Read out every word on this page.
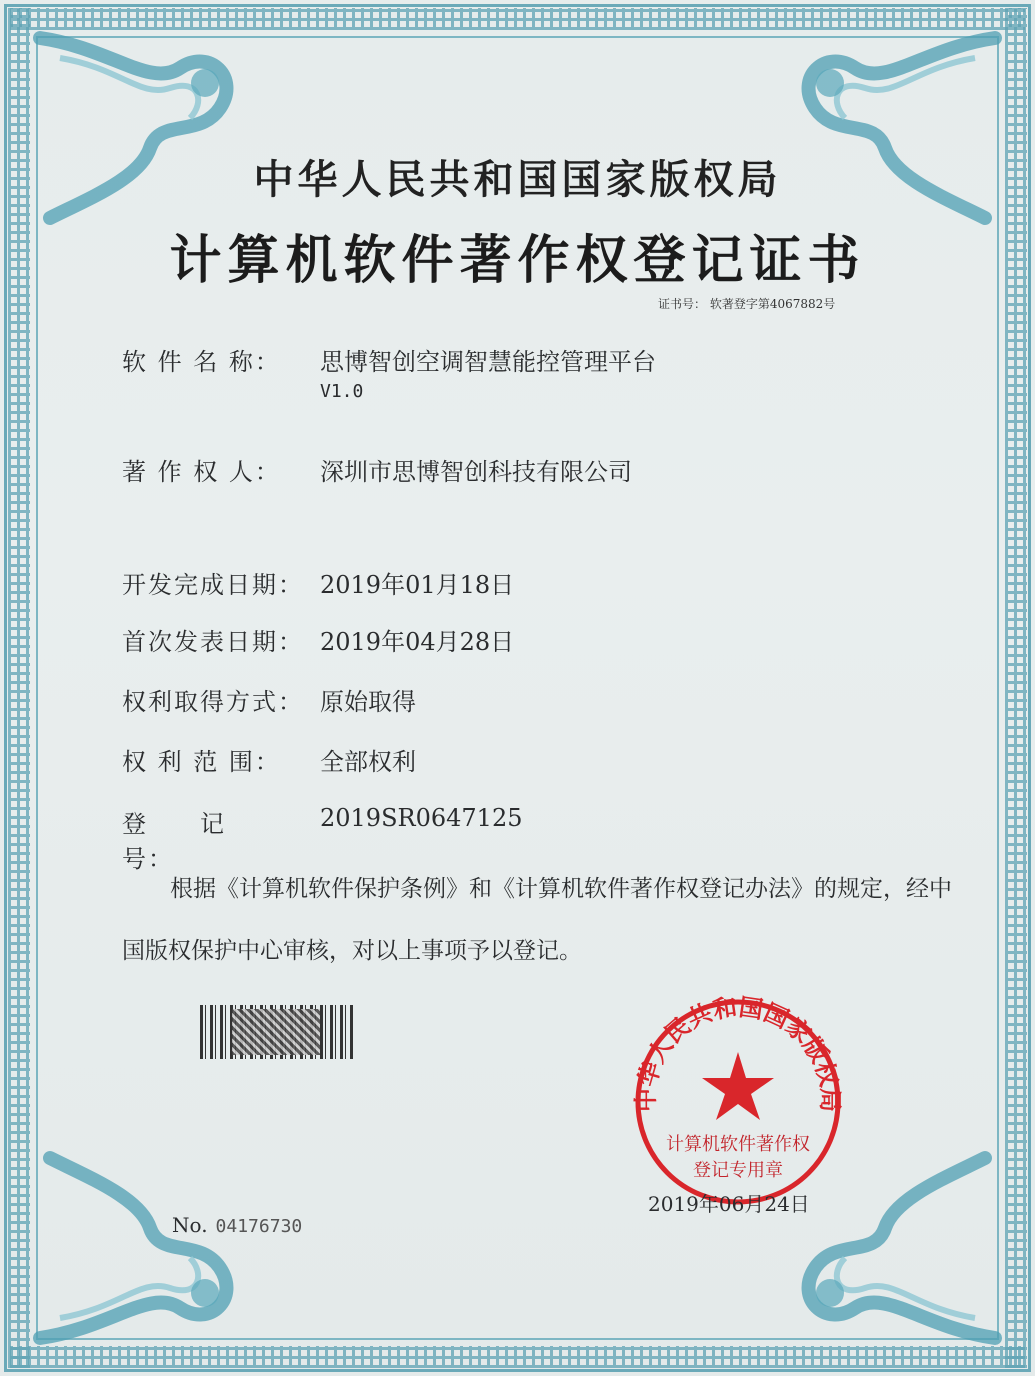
中华人民共和国国家版权局
计算机软件著作权登记证书
证书号： 软著登字第4067882号
软 件 名 称： 思博智创空调智慧能控管理平台
V1.0
著 作 权 人： 深圳市思博智创科技有限公司
开发完成日期： 2019年01月18日
首次发表日期： 2019年04月28日
权利取得方式： 原始取得
权 利 范 围： 全部权利
登　　记　　号：2019SR0647125
根据《计算机软件保护条例》和《计算机软件著作权登记办法》的规定，经中国版权保护中心审核，对以上事项予以登记。
中华人民共和国国家版权局
计算机软件著作权
登记专用章
2019年06月24日
No. 04176730
